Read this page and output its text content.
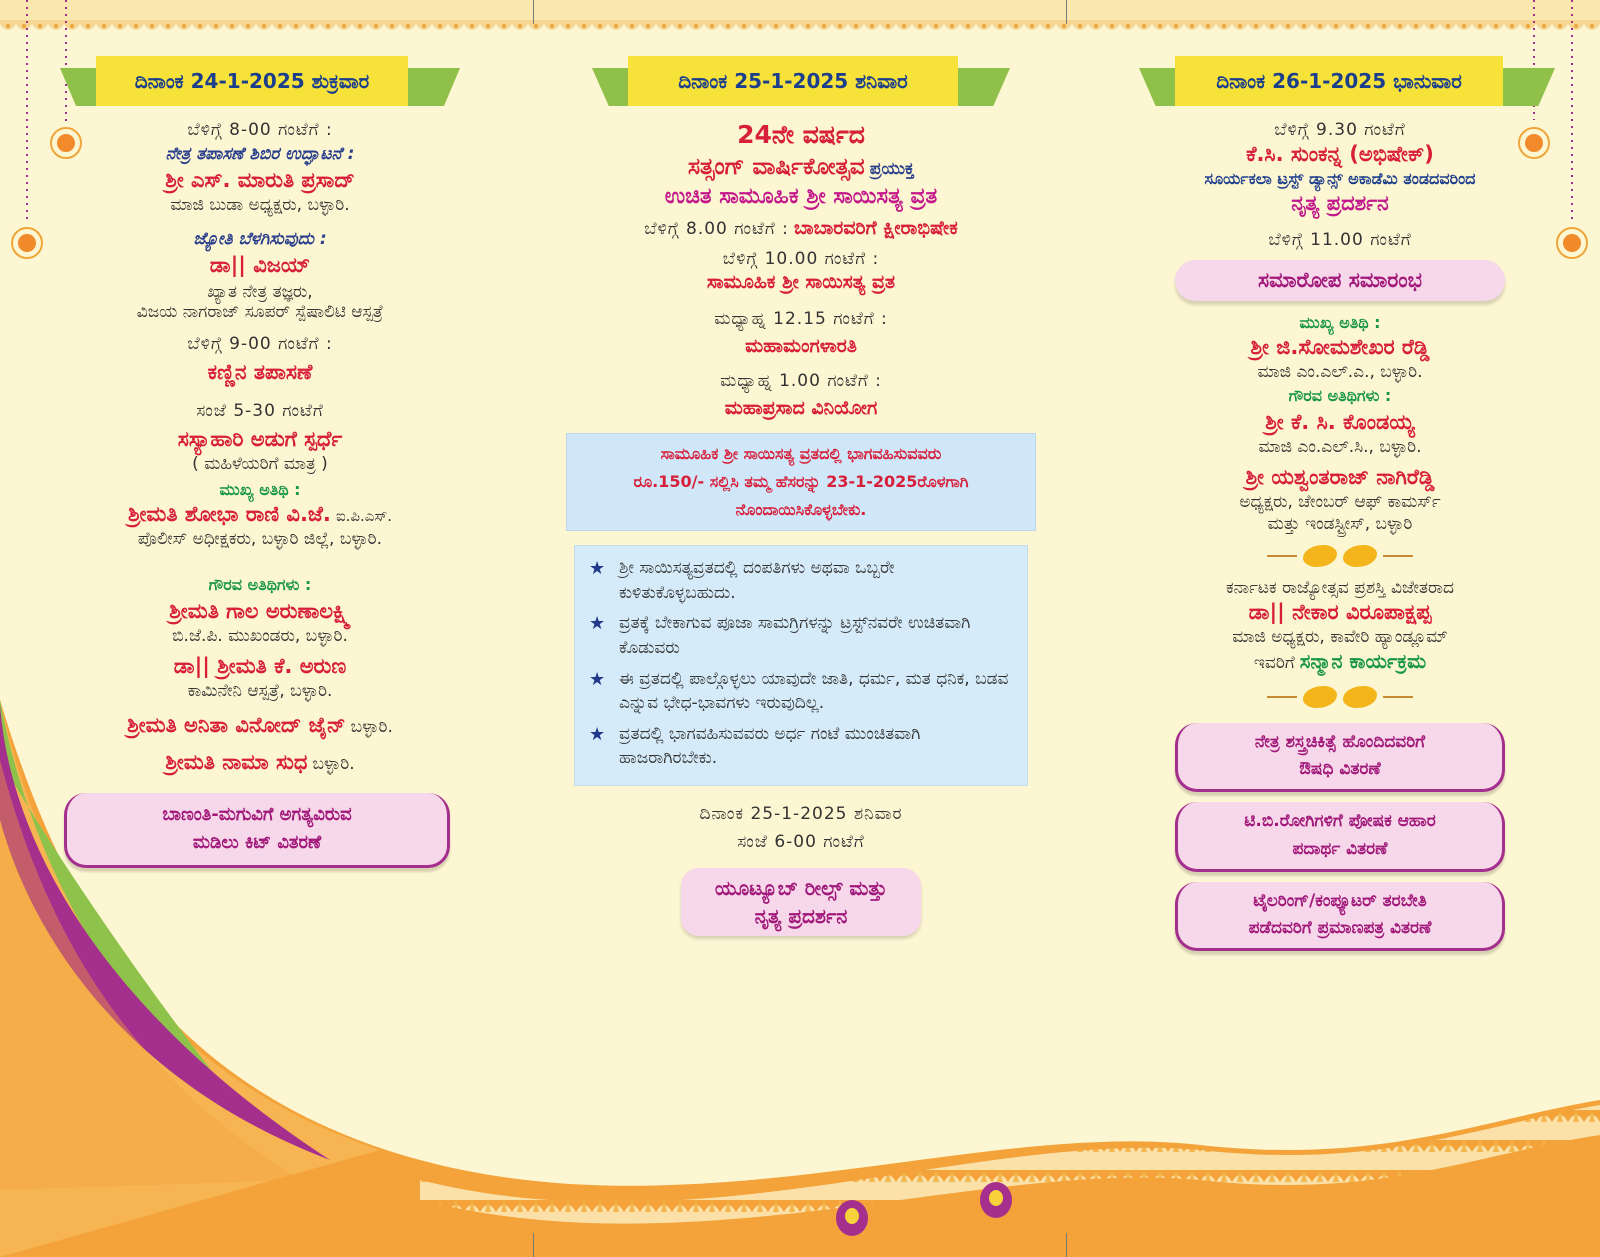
ದಿನಾಂಕ 24-1-2025 ಶುಕ್ರವಾರ

ಬೆಳಿಗ್ಗೆ 8-00 ಗಂಟೆಗೆ :

ನೇತ್ರ ತಪಾಸಣೆ ಶಿಬಿರ ಉದ್ಘಾಟನೆ :

ಶ್ರೀ ಎಸ್. ಮಾರುತಿ ಪ್ರಸಾದ್

ಮಾಜಿ ಬುಡಾ ಅಧ್ಯಕ್ಷರು, ಬಳ್ಳಾರಿ.

ಜ್ಯೋತಿ ಬೆಳಗಿಸುವುದು :

ಡಾ|| ವಿಜಯ್

ಖ್ಯಾತ ನೇತ್ರ ತಜ್ಞರು,

ವಿಜಯ ನಾಗರಾಜ್ ಸೂಪರ್ ಸ್ಪೆಷಾಲಿಟಿ ಆಸ್ಪತ್ರೆ

ಬೆಳಿಗ್ಗೆ 9-00 ಗಂಟೆಗೆ :

ಕಣ್ಣಿನ ತಪಾಸಣೆ

ಸಂಜೆ 5-30 ಗಂಟೆಗೆ

ಸಸ್ಯಾಹಾರಿ ಅಡುಗೆ ಸ್ಪರ್ಧೆ

( ಮಹಿಳೆಯರಿಗೆ ಮಾತ್ರ )

ಮುಖ್ಯ ಅತಿಥಿ :

ಶ್ರೀಮತಿ ಶೋಭಾ ರಾಣಿ ವಿ.ಜೆ. ಐ.ಪಿ.ಎಸ್.

ಪೊಲೀಸ್ ಅಧೀಕ್ಷಕರು, ಬಳ್ಳಾರಿ ಜಿಲ್ಲೆ, ಬಳ್ಳಾರಿ.

ಗೌರವ ಅತಿಥಿಗಳು :

ಶ್ರೀಮತಿ ಗಾಲ ಅರುಣಾಲಕ್ಷ್ಮಿ

ಬಿ.ಜೆ.ಪಿ. ಮುಖಂಡರು, ಬಳ್ಳಾರಿ.

ಡಾ|| ಶ್ರೀಮತಿ ಕೆ. ಅರುಣ

ಕಾಮಿನೇನಿ ಆಸ್ಪತ್ರೆ, ಬಳ್ಳಾರಿ.

ಶ್ರೀಮತಿ ಅನಿತಾ ವಿನೋದ್ ಜೈನ್ ಬಳ್ಳಾರಿ.

ಶ್ರೀಮತಿ ನಾಮಾ ಸುಧ ಬಳ್ಳಾರಿ.

ಬಾಣಂತಿ-ಮಗುವಿಗೆ ಅಗತ್ಯವಿರುವ

ಮಡಿಲು ಕಿಟ್ ವಿತರಣೆ

ದಿನಾಂಕ 25-1-2025 ಶನಿವಾರ

24ನೇ ವರ್ಷದ

ಸತ್ಸಂಗ್ ವಾರ್ಷಿಕೋತ್ಸವ ಪ್ರಯುಕ್ತ

ಉಚಿತ ಸಾಮೂಹಿಕ ಶ್ರೀ ಸಾಯಿಸತ್ಯ ವ್ರತ

ಬೆಳಿಗ್ಗೆ 8.00 ಗಂಟೆಗೆ : ಬಾಬಾರವರಿಗೆ ಕ್ಷೀರಾಭಿಷೇಕ

ಬೆಳಿಗ್ಗೆ 10.00 ಗಂಟೆಗೆ :

ಸಾಮೂಹಿಕ ಶ್ರೀ ಸಾಯಿಸತ್ಯ ವ್ರತ

ಮಧ್ಯಾಹ್ನ 12.15 ಗಂಟೆಗೆ :

ಮಹಾಮಂಗಳಾರತಿ

ಮಧ್ಯಾಹ್ನ 1.00 ಗಂಟೆಗೆ :

ಮಹಾಪ್ರಸಾದ ವಿನಿಯೋಗ

ಸಾಮೂಹಿಕ ಶ್ರೀ ಸಾಯಿಸತ್ಯ ವ್ರತದಲ್ಲಿ ಭಾಗವಹಿಸುವವರು

ರೂ.150/- ಸಲ್ಲಿಸಿ ತಮ್ಮ ಹೆಸರನ್ನು 23-1-2025ರೊಳಗಾಗಿ

ನೊಂದಾಯಿಸಿಕೊಳ್ಳಬೇಕು.

★ ಶ್ರೀ ಸಾಯಿಸತ್ಯವ್ರತದಲ್ಲಿ ದಂಪತಿಗಳು ಅಥವಾ ಒಬ್ಬರೇ ಕುಳಿತುಕೊಳ್ಳಬಹುದು.
★ ವ್ರತಕ್ಕೆ ಬೇಕಾಗುವ ಪೂಜಾ ಸಾಮಗ್ರಿಗಳನ್ನು ಟ್ರಸ್ಟ್‌ನವರೇ ಉಚಿತವಾಗಿ ಕೊಡುವರು
★ ಈ ವ್ರತದಲ್ಲಿ ಪಾಲ್ಗೊಳ್ಳಲು ಯಾವುದೇ ಜಾತಿ, ಧರ್ಮ, ಮತ ಧನಿಕ, ಬಡವ ಎನ್ನುವ ಭೇಧ-ಭಾವಗಳು ಇರುವುದಿಲ್ಲ.
★ ವ್ರತದಲ್ಲಿ ಭಾಗವಹಿಸುವವರು ಅರ್ಧ ಗಂಟೆ ಮುಂಚಿತವಾಗಿ ಹಾಜರಾಗಿರಬೇಕು.

ದಿನಾಂಕ 25-1-2025 ಶನಿವಾರ

ಸಂಜೆ 6-00 ಗಂಟೆಗೆ

ಯೂಟ್ಯೂಬ್ ರೀಲ್ಸ್ ಮತ್ತು

ನೃತ್ಯ ಪ್ರದರ್ಶನ

ದಿನಾಂಕ 26-1-2025 ಭಾನುವಾರ

ಬೆಳಿಗ್ಗೆ 9.30 ಗಂಟೆಗೆ

ಕೆ.ಸಿ. ಸುಂಕನ್ನ (ಅಭಿಷೇಕ್)

ಸೂರ್ಯಕಲಾ ಟ್ರಸ್ಟ್ ಡ್ಯಾನ್ಸ್ ಅಕಾಡೆಮಿ ತಂಡದವರಿಂದ

ನೃತ್ಯ ಪ್ರದರ್ಶನ

ಬೆಳಿಗ್ಗೆ 11.00 ಗಂಟೆಗೆ

ಸಮಾರೋಪ ಸಮಾರಂಭ

ಮುಖ್ಯ ಅತಿಥಿ :

ಶ್ರೀ ಜಿ.ಸೋಮಶೇಖರ ರೆಡ್ಡಿ

ಮಾಜಿ ಎಂ.ಎಲ್.ಎ., ಬಳ್ಳಾರಿ.

ಗೌರವ ಅತಿಥಿಗಳು :

ಶ್ರೀ ಕೆ. ಸಿ. ಕೊಂಡಯ್ಯ

ಮಾಜಿ ಎಂ.ಎಲ್.ಸಿ., ಬಳ್ಳಾರಿ.

ಶ್ರೀ ಯಶ್ವಂತರಾಜ್ ನಾಗಿರೆಡ್ಡಿ

ಅಧ್ಯಕ್ಷರು, ಚೇಂಬರ್ ಆಫ್ ಕಾಮರ್ಸ್

ಮತ್ತು ಇಂಡಸ್ಟ್ರೀಸ್, ಬಳ್ಳಾರಿ

ಕರ್ನಾಟಕ ರಾಜ್ಯೋತ್ಸವ ಪ್ರಶಸ್ತಿ ವಿಜೇತರಾದ

ಡಾ|| ನೇಕಾರ ವಿರೂಪಾಕ್ಷಪ್ಪ

ಮಾಜಿ ಅಧ್ಯಕ್ಷರು, ಕಾವೇರಿ ಹ್ಯಾಂಡ್ಲೂಮ್

ಇವರಿಗೆ ಸನ್ಮಾನ ಕಾರ್ಯಕ್ರಮ

ನೇತ್ರ ಶಸ್ತ್ರಚಿಕಿತ್ಸೆ ಹೊಂದಿದವರಿಗೆ

ಔಷಧಿ ವಿತರಣೆ

ಟಿ.ಬಿ.ರೋಗಿಗಳಿಗೆ ಪೋಷಕ ಆಹಾರ

ಪದಾರ್ಥ ವಿತರಣೆ

ಟೈಲರಿಂಗ್/ಕಂಪ್ಯೂಟರ್ ತರಬೇತಿ

ಪಡೆದವರಿಗೆ ಪ್ರಮಾಣಪತ್ರ ವಿತರಣೆ
